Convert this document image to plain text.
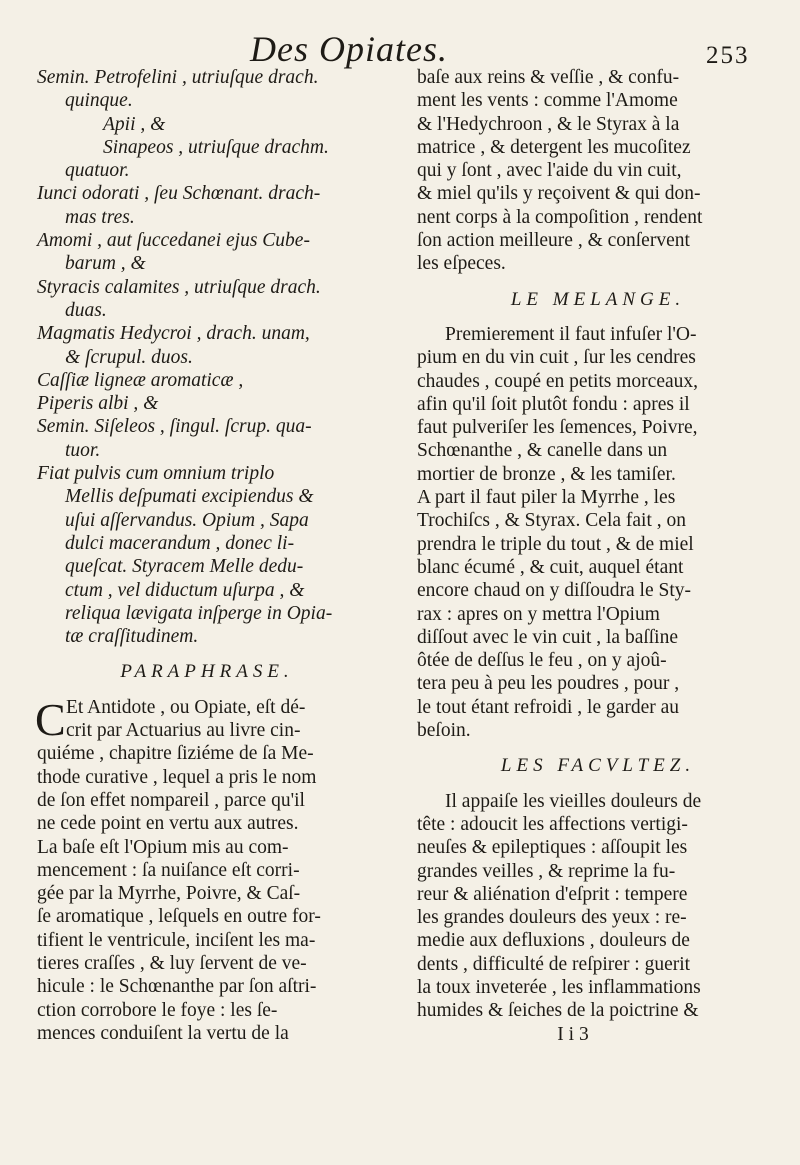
Des Opiates.	253
Semin. Petrofelini , utriuſque drach.
quinque.
Apii , &
Sinapeos , utriuſque drachm.
quatuor.
Iunci odorati , ſeu Schœnant. drach-
mas tres.
Amomi , aut ſuccedanei ejus Cube-
barum , &
Styracis calamites , utriuſque drach.
duas.
Magmatis Hedycroi , drach. unam,
& ſcrupul. duos.
Caſſiæ ligneæ aromaticæ ,
Piperis albi , &
Semin. Siſeleos , ſingul. ſcrup. qua-
tuor.
Fiat pulvis cum omnium triplo
Mellis deſpumati excipiendus &
uſui aſſervandus. Opium , Sapa
dulci macerandum , donec li-
queſcat. Styracem Melle dedu-
ctum , vel diductum uſurpa , &
reliqua lævigata inſperge in Opia-
tæ craſſitudinem.
PARAPHRASE.
C Et Antidote , ou Opiate, eſt dé-
crit par Actuarius au livre cin-
quiéme , chapitre ſiziéme de ſa Me-
thode curative , lequel a pris le nom
de ſon effet nompareil , parce qu'il
ne cede point en vertu aux autres.
La baſe eſt l'Opium mis au com-
mencement : ſa nuiſance eſt corri-
gée par la Myrrhe, Poivre, & Caſ-
ſe aromatique , leſquels en outre for-
tifient le ventricule, inciſent les ma-
tieres craſſes , & luy ſervent de ve-
hicule : le Schœnanthe par ſon aſtri-
ction corrobore le foye : les ſe-
mences conduiſent la vertu de la
baſe aux reins & veſſie , & confu-
ment les vents : comme l'Amome
& l'Hedychroon , & le Styrax à la
matrice , & detergent les mucoſitez
qui y ſont , avec l'aide du vin cuit,
& miel qu'ils y reçoivent & qui don-
nent corps à la compoſition , rendent
ſon action meilleure , & conſervent
les eſpeces.
LE MELANGE.
Premierement il faut infuſer l'O-
pium en du vin cuit , ſur les cendres
chaudes , coupé en petits morceaux,
afin qu'il ſoit plutôt fondu : apres il
faut pulveriſer les ſemences, Poivre,
Schœnanthe , & canelle dans un
mortier de bronze , & les tamiſer.
A part il faut piler la Myrrhe , les
Trochiſcs , & Styrax. Cela fait , on
prendra le triple du tout , & de miel
blanc écumé , & cuit, auquel étant
encore chaud on y diſſoudra le Sty-
rax : apres on y mettra l'Opium
diſſout avec le vin cuit , la baſſine
ôtée de deſſus le feu , on y ajoû-
tera peu à peu les poudres , pour ,
le tout étant refroidi , le garder au
beſoin.
LES FACVLTEZ.
Il appaiſe les vieilles douleurs de
tête : adoucit les affections vertigi-
neuſes & epileptiques : aſſoupit les
grandes veilles , & reprime la fu-
reur & aliénation d'eſprit : tempere
les grandes douleurs des yeux : re-
medie aux defluxions , douleurs de
dents , difficulté de reſpirer : guerit
la toux inveterée , les inflammations
humides & ſeiches de la poictrine &
I i 3
